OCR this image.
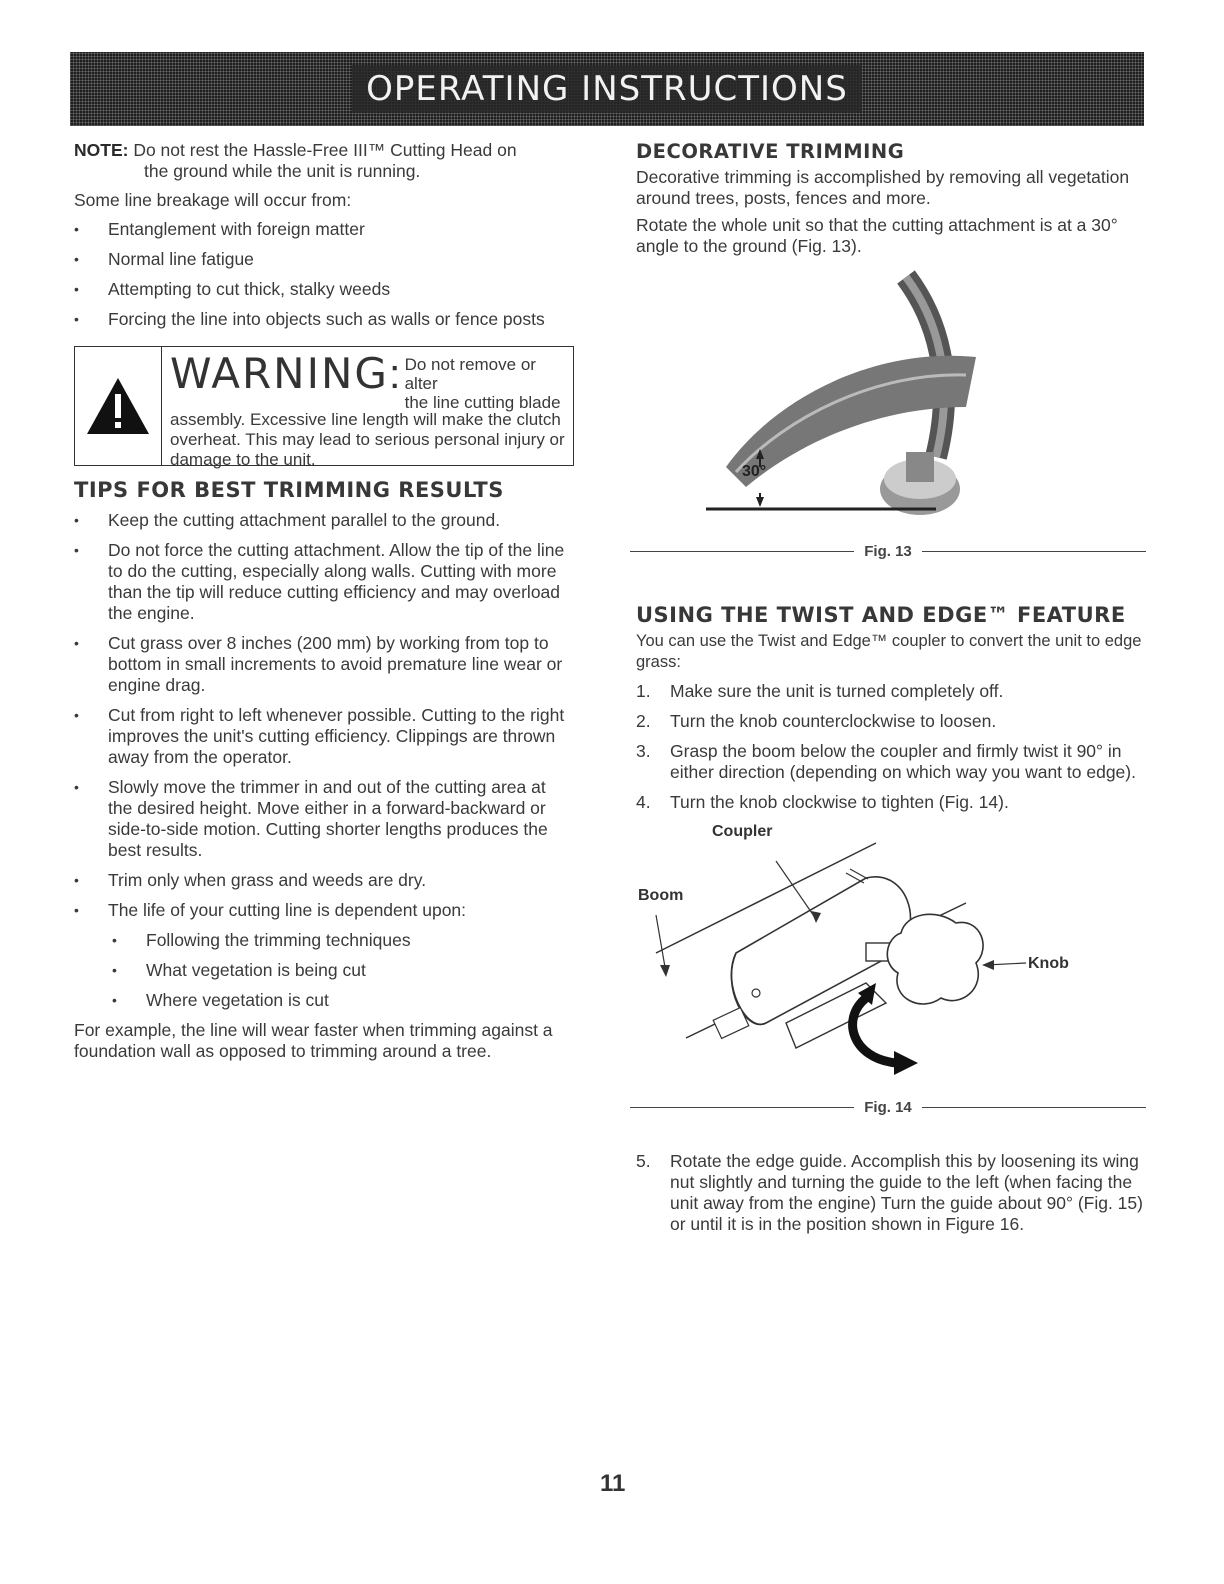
OPERATING INSTRUCTIONS

NOTE: Do not rest the Hassle-Free III™ Cutting Head on
the ground while the unit is running.

Some line breakage will occur from:

• Entanglement with foreign matter
• Normal line fatigue
• Attempting to cut thick, stalky weeds
• Forcing the line into objects such as walls or fence posts
WARNING : Do not remove or alter
the line cutting blade

assembly. Excessive line length will make the clutch overheat. This may lead to serious personal injury or damage to the unit.

TIPS FOR BEST TRIMMING RESULTS
• Keep the cutting attachment parallel to the ground.
• Do not force the cutting attachment. Allow the tip of the line to do the cutting, especially along walls. Cutting with more than the tip will reduce cutting efficiency and may overload the engine.
• Cut grass over 8 inches (200 mm) by working from top to bottom in small increments to avoid premature line wear or engine drag.
• Cut from right to left whenever possible. Cutting to the right improves the unit's cutting efficiency. Clippings are thrown away from the operator.
• Slowly move the trimmer in and out of the cutting area at the desired height. Move either in a forward-backward or side-to-side motion. Cutting shorter lengths produces the best results.
• Trim only when grass and weeds are dry.
• The life of your cutting line is dependent upon:
• Following the trimming techniques
• What vegetation is being cut
• Where vegetation is cut

For example, the line will wear faster when trimming against a foundation wall as opposed to trimming around a tree.

DECORATIVE TRIMMING

Decorative trimming is accomplished by removing all vegetation around trees, posts, fences and more.

Rotate the whole unit so that the cutting attachment is at a 30° angle to the ground (Fig. 13).

30°
Fig. 13
USING THE TWIST AND EDGE™ FEATURE

You can use the Twist and Edge™ coupler to convert the unit to edge grass:

1. Make sure the unit is turned completely off.
2. Turn the knob counterclockwise to loosen.
3. Grasp the boom below the coupler and firmly twist it 90° in either direction (depending on which way you want to edge).
4. Turn the knob clockwise to tighten (Fig. 14).
Coupler
Boom
Knob
Fig. 14
5. Rotate the edge guide. Accomplish this by loosening its wing nut slightly and turning the guide to the left (when facing the unit away from the engine) Turn the guide about 90° (Fig. 15) or until it is in the position shown in Figure 16.
11
